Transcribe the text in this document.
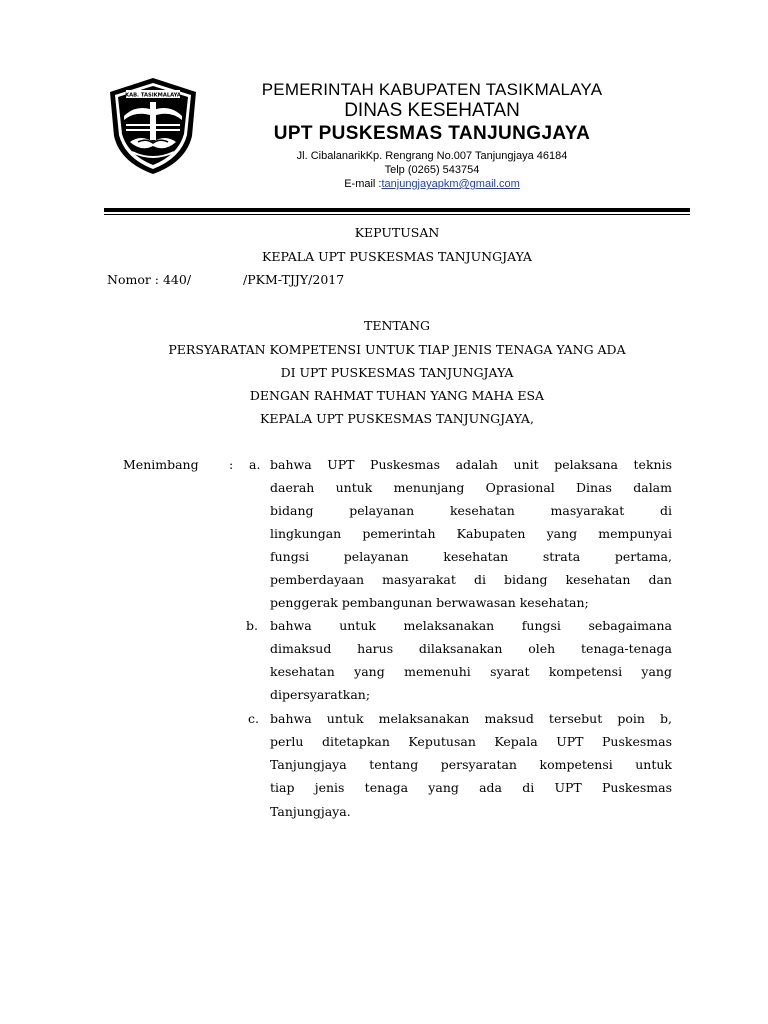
KAB. TASIKMALAYA	PEMERINTAH KABUPATEN TASIKMALAYA
DINAS KESEHATAN
UPT PUSKESMAS TANJUNGJAYA
Jl. CibalanarikKp. Rengrang No.007 Tanjungjaya 46184
Telp (0265) 543754
E-mail :tanjungjayapkm@gmail.com
KEPUTUSAN
KEPALA UPT PUSKESMAS TANJUNGJAYA
Nomor : 440/	/PKM-TJJY/2017
TENTANG
PERSYARATAN KOMPETENSI UNTUK TIAP JENIS TENAGA YANG ADA
DI UPT PUSKESMAS TANJUNGJAYA
DENGAN RAHMAT TUHAN YANG MAHA ESA
KEPALA UPT PUSKESMAS TANJUNGJAYA,
Menimbang : a. bahwa UPT Puskesmas adalah unit pelaksana teknis
daerah untuk menunjang Oprasional Dinas dalam
bidang pelayanan kesehatan masyarakat di
lingkungan pemerintah Kabupaten yang mempunyai
fungsi pelayanan kesehatan strata pertama,
pemberdayaan masyarakat di bidang kesehatan dan
penggerak pembangunan berwawasan kesehatan;
b. bahwa untuk melaksanakan fungsi sebagaimana
dimaksud harus dilaksanakan oleh tenaga-tenaga
kesehatan yang memenuhi syarat kompetensi yang
dipersyaratkan;
c. bahwa untuk melaksanakan maksud tersebut poin b,
perlu ditetapkan Keputusan Kepala UPT Puskesmas
Tanjungjaya tentang persyaratan kompetensi untuk
tiap jenis tenaga yang ada di UPT Puskesmas
Tanjungjaya.
